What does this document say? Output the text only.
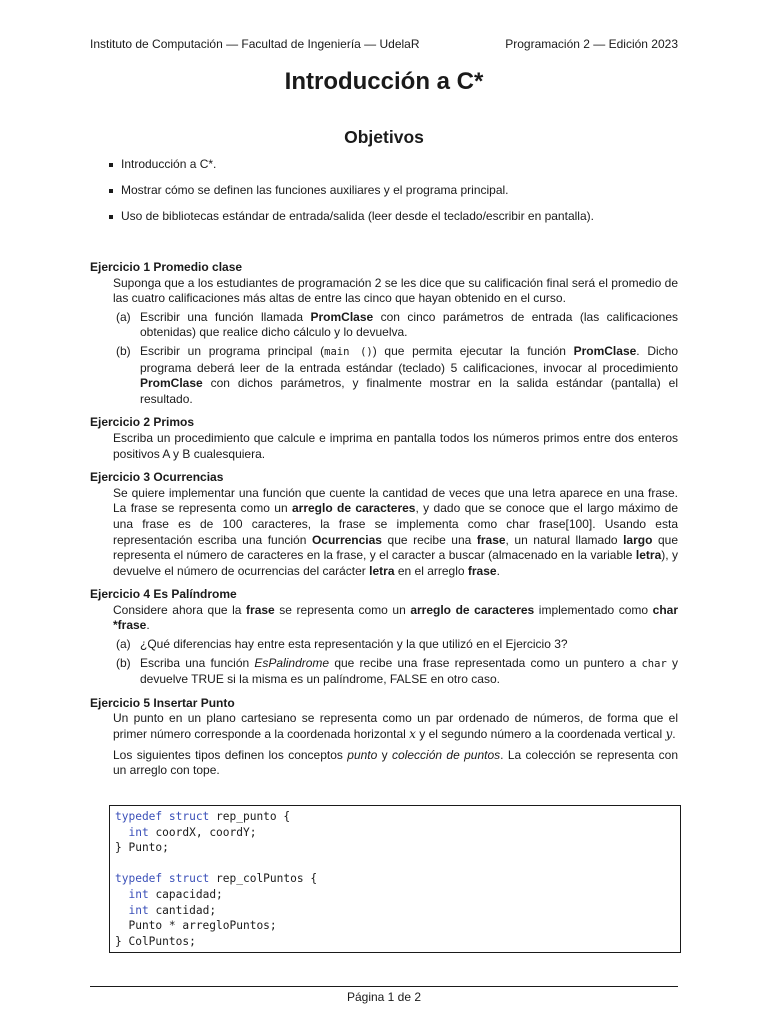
Instituto de Computación — Facultad de Ingeniería — UdelaR	Programación 2 — Edición 2023
Introducción a C*
Objetivos
Introducción a C*.
Mostrar cómo se definen las funciones auxiliares y el programa principal.
Uso de bibliotecas estándar de entrada/salida (leer desde el teclado/escribir en pantalla).

Ejercicio 1 Promedio clase

Suponga que a los estudiantes de programación 2 se les dice que su calificación final será el promedio de las cuatro calificaciones más altas de entre las cinco que hayan obtenido en el curso.

(a) Escribir una función llamada PromClase con cinco parámetros de entrada (las calificaciones obtenidas) que realice dicho cálculo y lo devuelva.
(b) Escribir un programa principal (main ()) que permita ejecutar la función PromClase. Dicho programa deberá leer de la entrada estándar (teclado) 5 calificaciones, invocar al procedimiento PromClase con dichos parámetros, y finalmente mostrar en la salida estándar (pantalla) el resultado.

Ejercicio 2 Primos

Escriba un procedimiento que calcule e imprima en pantalla todos los números primos entre dos enteros positivos A y B cualesquiera.

Ejercicio 3 Ocurrencias

Se quiere implementar una función que cuente la cantidad de veces que una letra aparece en una frase. La frase se representa como un arreglo de caracteres, y dado que se conoce que el largo máximo de una frase es de 100 caracteres, la frase se implementa como char frase[100]. Usando esta representación escriba una función Ocurrencias que recibe una frase, un natural llamado largo que representa el número de caracteres en la frase, y el caracter a buscar (almacenado en la variable letra), y devuelve el número de ocurrencias del carácter letra en el arreglo frase.

Ejercicio 4 Es Palíndrome

Considere ahora que la frase se representa como un arreglo de caracteres implementado como char *frase.

(a) ¿Qué diferencias hay entre esta representación y la que utilizó en el Ejercicio 3?
(b) Escriba una función EsPalindrome que recibe una frase representada como un puntero a char y devuelve TRUE si la misma es un palíndrome, FALSE en otro caso.

Ejercicio 5 Insertar Punto

Un punto en un plano cartesiano se representa como un par ordenado de números, de forma que el primer número corresponde a la coordenada horizontal x y el segundo número a la coordenada vertical y.

Los siguientes tipos definen los conceptos punto y colección de puntos. La colección se representa con un arreglo con tope.

typedef struct rep_punto {
int coordX, coordY;
} Punto;
typedef struct rep_colPuntos {
int capacidad;
int cantidad;
Punto * arregloPuntos;
} ColPuntos;
Página 1 de 2
